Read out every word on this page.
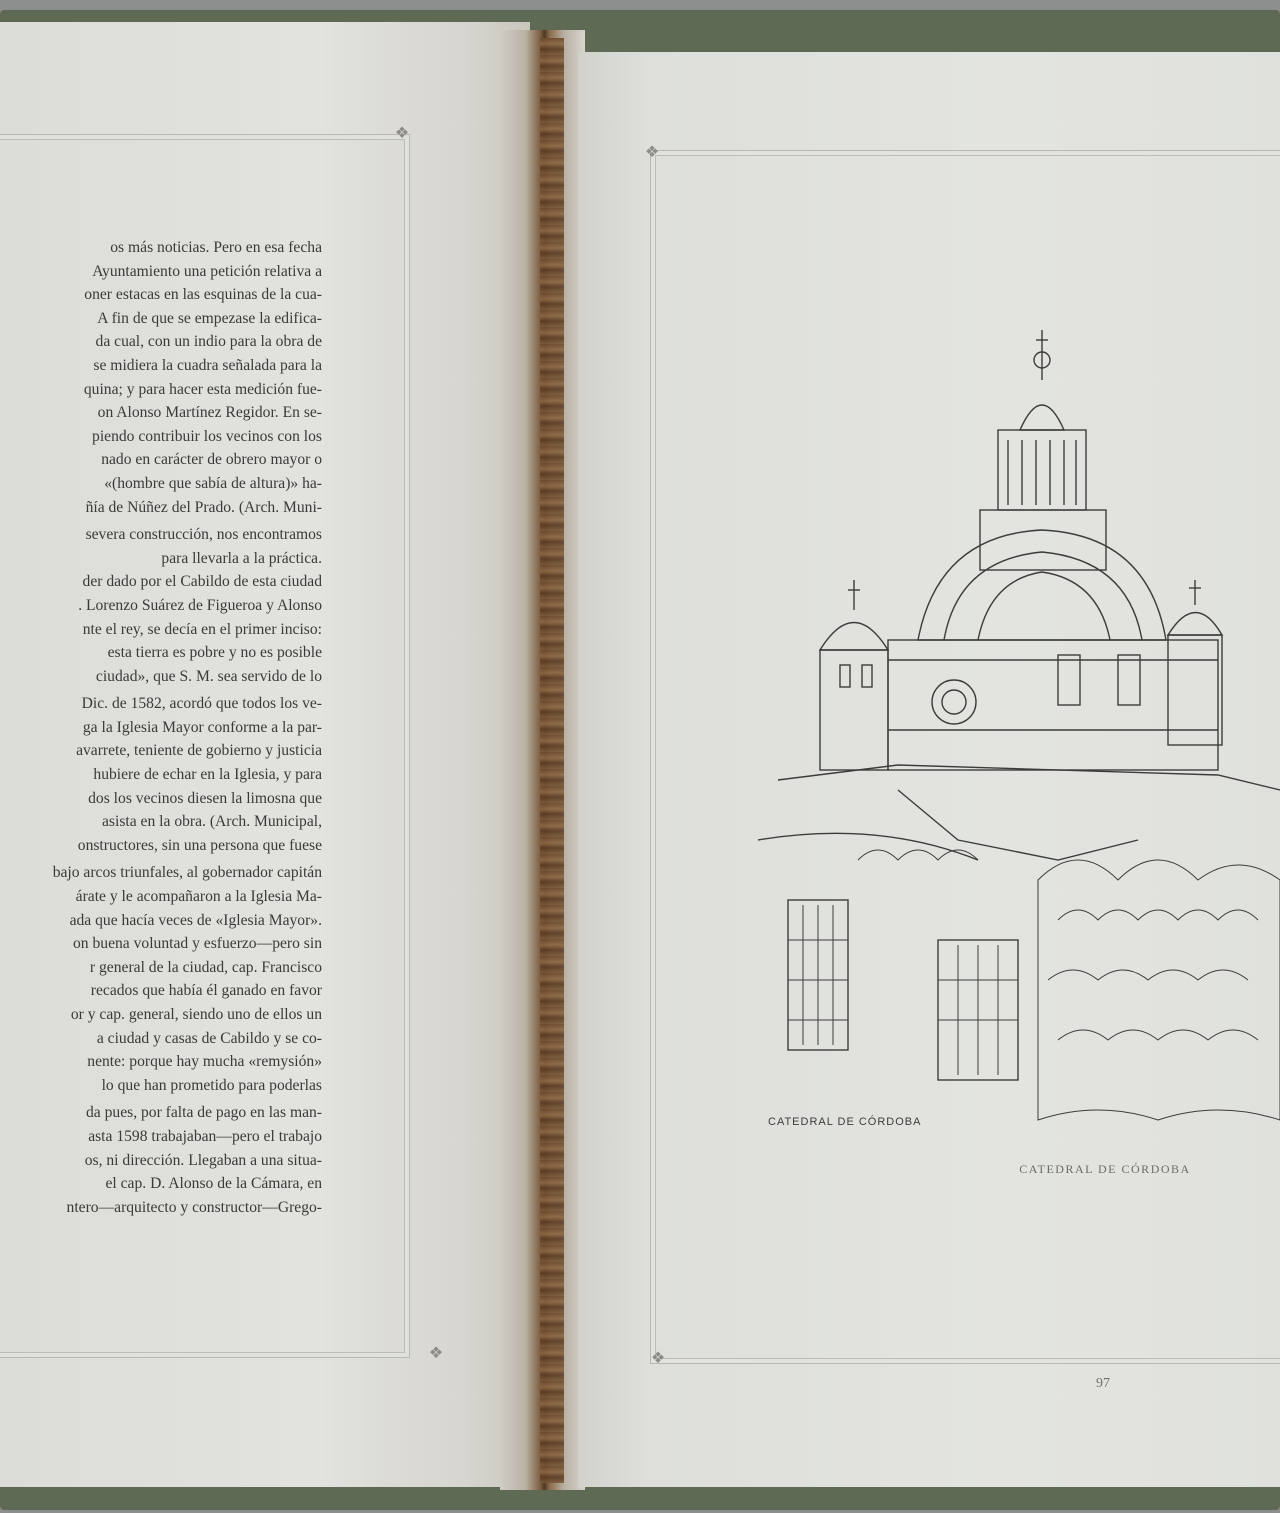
❖
❖
❖
❖
os más noticias. Pero en esa fecha
Ayuntamiento una petición relativa a
oner estacas en las esquinas de la cua-
A fin de que se empezase la edifica-
da cual, con un indio para la obra de
se midiera la cuadra señalada para la
quina; y para hacer esta medición fue-
on Alonso Martínez Regidor. En se-
piendo contribuir los vecinos con los
nado en carácter de obrero mayor o
«(hombre que sabía de altura)» ha-
ñía de Núñez del Prado. (Arch. Muni-
severa construcción, nos encontramos
para llevarla a la práctica.
der dado por el Cabildo de esta ciudad
. Lorenzo Suárez de Figueroa y Alonso
nte el rey, se decía en el primer inciso:
esta tierra es pobre y no es posible
ciudad», que S. M. sea servido de lo
Dic. de 1582, acordó que todos los ve-
ga la Iglesia Mayor conforme a la par-
avarrete, teniente de gobierno y justicia
hubiere de echar en la Iglesia, y para
dos los vecinos diesen la limosna que
asista en la obra. (Arch. Municipal,
onstructores, sin una persona que fuese
bajo arcos triunfales, al gobernador capitán
árate y le acompañaron a la Iglesia Ma-
ada que hacía veces de «Iglesia Mayor».
on buena voluntad y esfuerzo—pero sin
r general de la ciudad, cap. Francisco
recados que había él ganado en favor
or y cap. general, siendo uno de ellos un
a ciudad y casas de Cabildo y se co-
nente: porque hay mucha «remysión»
lo que han prometido para poderlas
da pues, por falta de pago en las man-
asta 1598 trabajaban—pero el trabajo
os, ni dirección. Llegaban a una situa-
el cap. D. Alonso de la Cámara, en
ntero—arquitecto y constructor—Grego-
CATEDRAL DE CÓRDOBA
CATEDRAL DE CÓRDOBA
97
